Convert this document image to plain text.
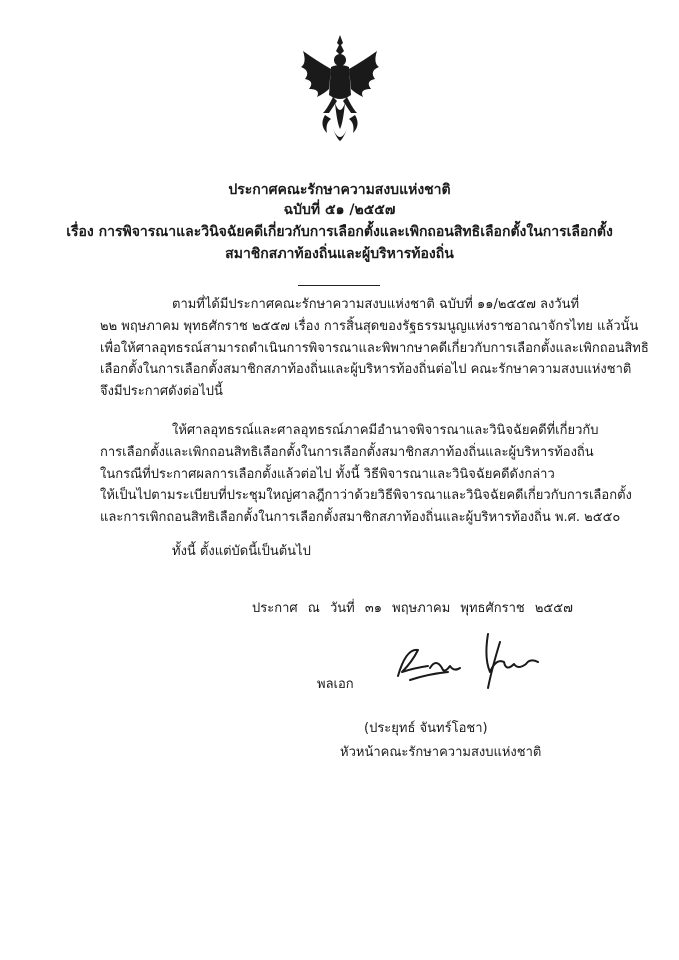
ประกาศคณะรักษาความสงบแห่งชาติ
ฉบับที่ ๕๑ /๒๕๕๗
เรื่อง การพิจารณาและวินิจฉัยคดีเกี่ยวกับการเลือกตั้งและเพิกถอนสิทธิเลือกตั้งในการเลือกตั้ง
สมาชิกสภาท้องถิ่นและผู้บริหารท้องถิ่น
ตามที่ได้มีประกาศคณะรักษาความสงบแห่งชาติ ฉบับที่ ๑๑/๒๕๕๗ ลงวันที่
๒๒ พฤษภาคม พุทธศักราช ๒๕๕๗ เรื่อง การสิ้นสุดของรัฐธรรมนูญแห่งราชอาณาจักรไทย แล้วนั้น
เพื่อให้ศาลอุทธรณ์สามารถดำเนินการพิจารณาและพิพากษาคดีเกี่ยวกับการเลือกตั้งและเพิกถอนสิทธิ
เลือกตั้งในการเลือกตั้งสมาชิกสภาท้องถิ่นและผู้บริหารท้องถิ่นต่อไป คณะรักษาความสงบแห่งชาติ
จึงมีประกาศดังต่อไปนี้
ให้ศาลอุทธรณ์และศาลอุทธรณ์ภาคมีอำนาจพิจารณาและวินิจฉัยคดีที่เกี่ยวกับ
การเลือกตั้งและเพิกถอนสิทธิเลือกตั้งในการเลือกตั้งสมาชิกสภาท้องถิ่นและผู้บริหารท้องถิ่น
ในกรณีที่ประกาศผลการเลือกตั้งแล้วต่อไป ทั้งนี้ วิธีพิจารณาและวินิจฉัยคดีดังกล่าว
ให้เป็นไปตามระเบียบที่ประชุมใหญ่ศาลฎีกาว่าด้วยวิธีพิจารณาและวินิจฉัยคดีเกี่ยวกับการเลือกตั้ง
และการเพิกถอนสิทธิเลือกตั้งในการเลือกตั้งสมาชิกสภาท้องถิ่นและผู้บริหารท้องถิ่น พ.ศ. ๒๕๕๐
ทั้งนี้ ตั้งแต่บัดนี้เป็นต้นไป
ประกาศ ณ วันที่ ๓๑ พฤษภาคม พุทธศักราช ๒๕๕๗
พลเอก
(ประยุทธ์ จันทร์โอชา)
หัวหน้าคณะรักษาความสงบแห่งชาติ
